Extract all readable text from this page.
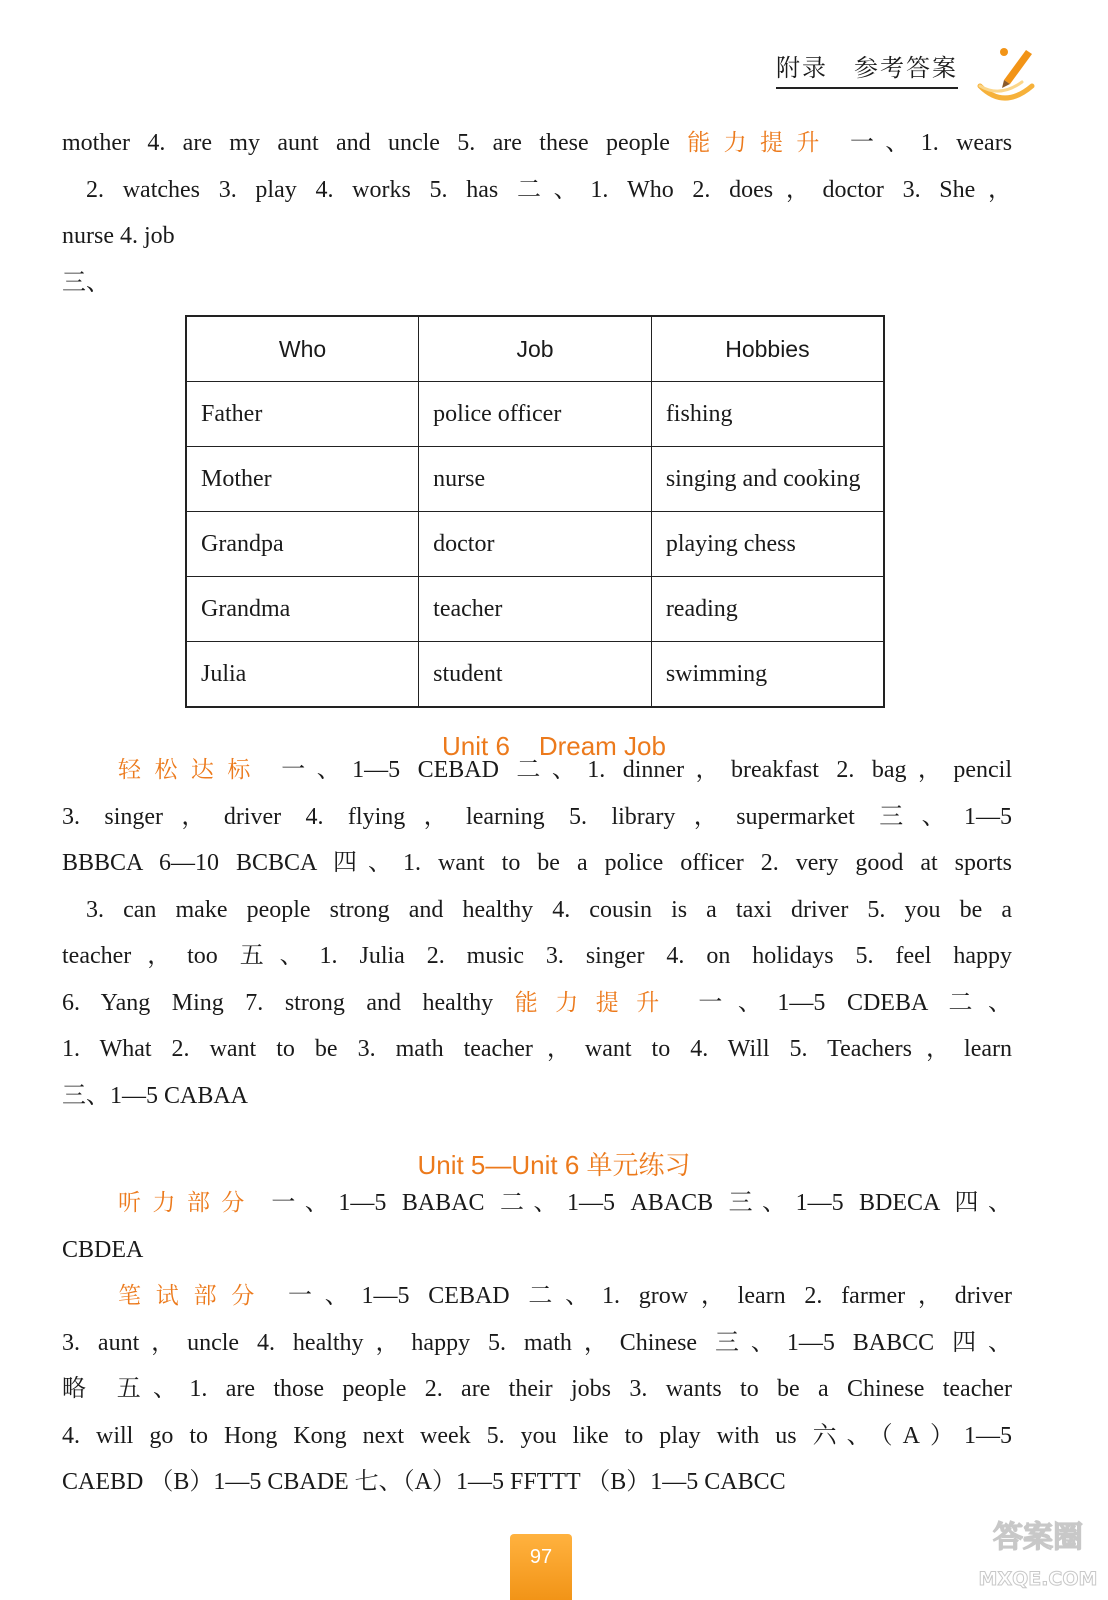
附录 参考答案
mother 4. are my aunt and uncle 5. are these people 能力提升 一、1. wears
2. watches 3. play 4. works 5. has 二、1. Who 2. does，doctor 3. She，
nurse 4. job
三、
Who	Job	Hobbies
Father	police officer	fishing
Mother	nurse	singing and cooking
Grandpa	doctor	playing chess
Grandma	teacher	reading
Julia	student	swimming
Unit 6    Dream Job
轻松达标 一、1—5 CEBAD 二、1. dinner，breakfast 2. bag，pencil
3. singer，driver 4. flying，learning 5. library，supermarket 三、1—5
BBBCA 6—10 BCBCA 四、1. want to be a police officer 2. very good at sports
3. can make people strong and healthy 4. cousin is a taxi driver 5. you be a
teacher，too 五、1. Julia 2. music 3. singer 4. on holidays 5. feel happy
6. Yang Ming 7. strong and healthy 能力提升 一、1—5 CDEBA 二、
1. What 2. want to be 3. math teacher，want to 4. Will 5. Teachers，learn
三、1—5 CABAA
Unit 5—Unit 6 单元练习
听力部分 一、1—5 BABAC 二、1—5 ABACB 三、1—5 BDECA 四、
CBDEA
笔试部分 一、1—5 CEBAD 二、1. grow，learn 2. farmer，driver
3. aunt，uncle 4. healthy，happy 5. math，Chinese 三、1—5 BABCC 四、
略 五、1. are those people 2. are their jobs 3. wants to be a Chinese teacher
4. will go to Hong Kong next week 5. you like to play with us 六、（A）1—5
CAEBD （B）1—5 CBADE 七、（A）1—5 FFTTT （B）1—5 CABCC
97
答案圈
MXQE.COM
